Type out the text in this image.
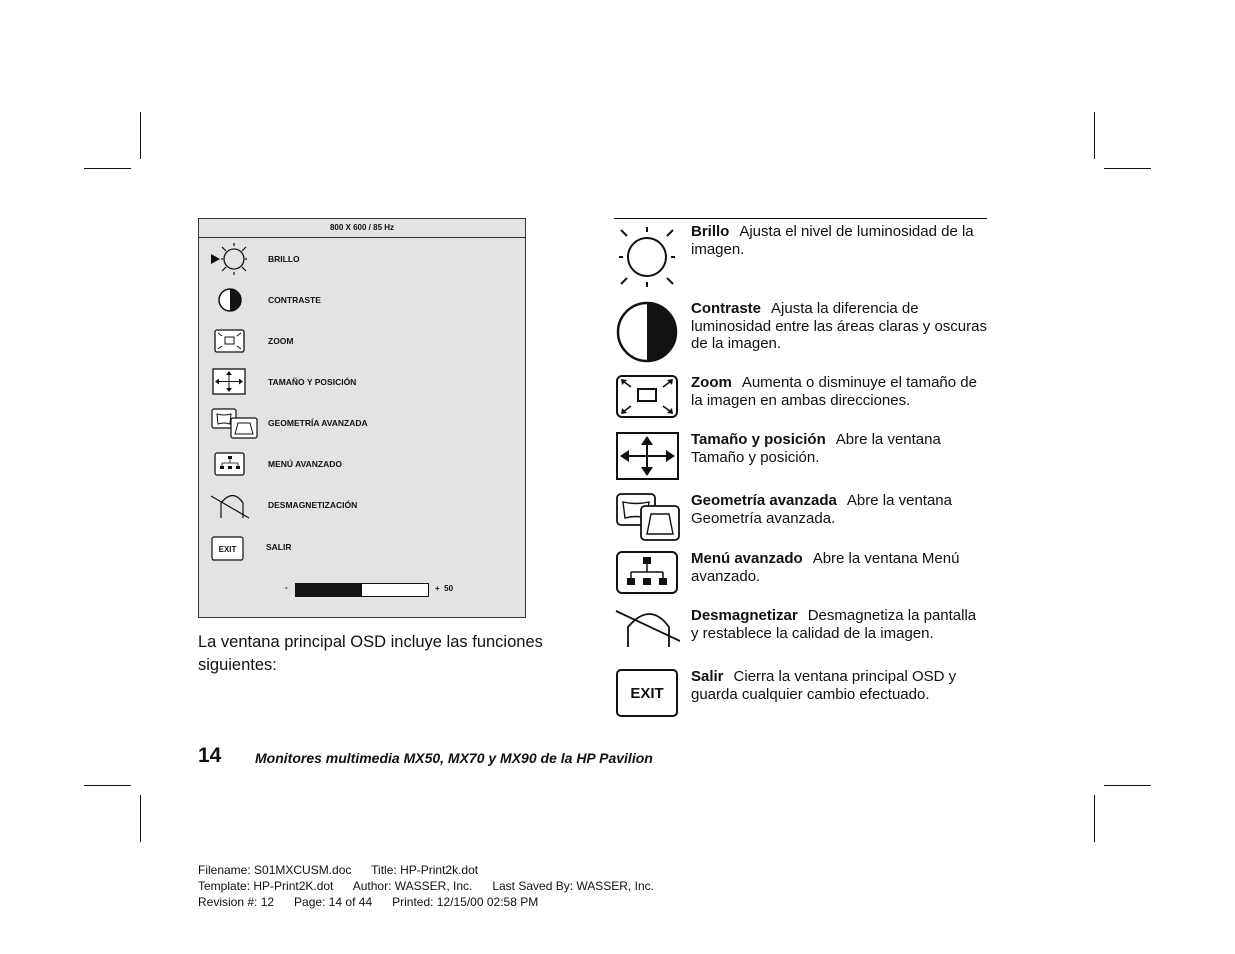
800 X 600 / 85 Hz
BRILLO
CONTRASTE
ZOOM
TAMAÑO Y POSICIÓN
GEOMETRÍA AVANZADA
MENÚ AVANZADO
DESMAGNETIZACIÓN
EXIT	SALIR
-	+ 50
La ventana principal OSD incluye las funciones siguientes:
Brillo Ajusta el nivel de luminosidad de la imagen.
Contraste Ajusta la diferencia de luminosidad entre las áreas claras y oscuras de la imagen.
Zoom Aumenta o disminuye el tamaño de la imagen en ambas direcciones.
Tamaño y posición Abre la ventana Tamaño y posición.
Geometría avanzada Abre la ventana Geometría avanzada.
Menú avanzado Abre la ventana Menú avanzado.
Desmagnetizar Desmagnetiza la pantalla y restablece la calidad de la imagen.
EXIT
Salir Cierra la ventana principal OSD y guarda cualquier cambio efectuado.
14 Monitores multimedia MX50, MX70 y MX90 de la HP Pavilion
Filename: S01MXCUSM.doc      Title: HP-Print2k.dot
Template: HP-Print2K.dot      Author: WASSER, Inc.      Last Saved By: WASSER, Inc.
Revision #: 12      Page: 14 of 44      Printed: 12/15/00 02:58 PM
